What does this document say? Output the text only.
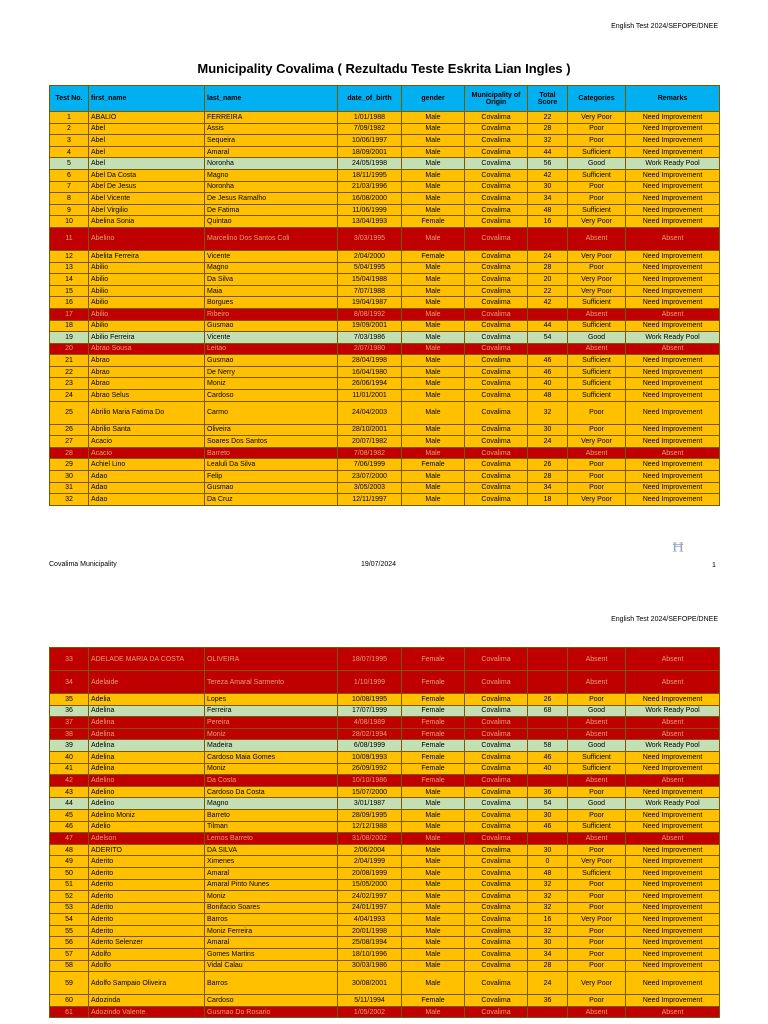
English Test 2024/SEFOPE/DNEE
Municipality Covalima ( Rezultadu Teste Eskrita Lian Ingles )
Test No.	first_name	last_name	date_of_birth	gender	Municipality of Origin	Total Score	Categories	Remarks
1	ABALIO	FERREIRA	1/01/1988	Male	Covalima	22	Very Poor	Need Improvement
2	Abel	Assis	7/09/1982	Male	Covalima	28	Poor	Need Improvement
3	Abel	Sequeira	10/06/1997	Male	Covalima	32	Poor	Need Improvement
4	Abel	Amaral	18/09/2001	Male	Covalima	44	Sufficient	Need Improvement
5	Abel	Noronha	24/05/1998	Male	Covalima	56	Good	Work Ready Pool
6	Abel Da Costa	Magno	18/11/1995	Male	Covalima	42	Sufficient	Need Improvement
7	Abel De Jesus	Noronha	21/03/1996	Male	Covalima	30	Poor	Need Improvement
8	Abel Vicente	De Jesus Ramalho	16/08/2000	Male	Covalima	34	Poor	Need Improvement
9	Abel Virgilio	De Fatima	11/06/1999	Male	Covalima	48	Sufficient	Need Improvement
10	Abelina Sonia	Quintao	13/04/1993	Female	Covalima	16	Very Poor	Need Improvement
11	Abelino	Marcelino Dos Santos Coli	3/03/1995	Male	Covalima		Absent	Absent
12	Abelita Ferreira	Vicente	2/04/2000	Female	Covalima	24	Very Poor	Need Improvement
13	Abilio	Magno	5/04/1995	Male	Covalima	28	Poor	Need Improvement
14	Abilio	Da Silva	15/04/1988	Male	Covalima	20	Very Poor	Need Improvement
15	Abilio	Maia	7/07/1988	Male	Covalima	22	Very Poor	Need Improvement
16	Abilio	Borgues	19/04/1987	Male	Covalima	42	Sufficient	Need Improvement
17	Abilio	Ribeiro	8/08/1992	Male	Covalima		Absent	Absent
18	Abilio	Gusmao	19/09/2001	Male	Covalima	44	Sufficient	Need Improvement
19	Abilio Ferreira	Vicente	7/03/1986	Male	Covalima	54	Good	Work Ready Pool
20	Abrao Sousa	Leitao	2/07/1980	Male	Covalima		Absent	Absent
21	Abrao	Gusmao	28/04/1998	Male	Covalima	46	Sufficient	Need Improvement
22	Abrao	De Nerry	16/04/1980	Male	Covalima	46	Sufficient	Need Improvement
23	Abrao	Moniz	26/06/1994	Male	Covalima	40	Sufficient	Need Improvement
24	Abrao Selus	Cardoso	11/01/2001	Male	Covalima	48	Sufficient	Need Improvement
25	Abrilio Maria Fatima Do	Carmo	24/04/2003	Male	Covalima	32	Poor	Need Improvement
26	Abrilio Santa	Oliveira	28/10/2001	Male	Covalima	30	Poor	Need Improvement
27	Acacio	Soares Dos Santos	20/07/1982	Male	Covalima	24	Very Poor	Need Improvement
28	Acacio	Barreto	7/08/1982	Male	Covalima		Absent	Absent
29	Achiel Lino	Lealuli Da Silva	7/06/1999	Female	Covalima	26	Poor	Need Improvement
30	Adao	Felip	23/07/2000	Male	Covalima	28	Poor	Need Improvement
31	Adao	Gusmao	3/05/2003	Male	Covalima	34	Poor	Need Improvement
32	Adao	Da Cruz	12/11/1997	Male	Covalima	18	Very Poor	Need Improvement
Covalima Municipality	19/07/2024	ꟸ
1
English Test 2024/SEFOPE/DNEE
33	ADELADE MARIA DA COSTA	OLIVEIRA	18/07/1995	Female	Covalima		Absent	Absent
34	Adelaide	Tereza Amaral Sarmento	1/10/1999	Female	Covalima		Absent	Absent
35	Adelia	Lopes	10/08/1995	Female	Covalima	26	Poor	Need Improvement
36	Adelina	Ferreira	17/07/1999	Female	Covalima	68	Good	Work Ready Pool
37	Adelina	Pereira	4/08/1989	Female	Covalima		Absent	Absent
38	Adelina	Moniz	28/02/1994	Female	Covalima		Absent	Absent
39	Adelina	Madeira	6/08/1999	Female	Covalima	58	Good	Work Ready Pool
40	Adelina	Cardoso Maia Gomes	10/09/1993	Female	Covalima	46	Sufficient	Need Improvement
41	Adelina	Moniz	26/09/1992	Female	Covalima	40	Sufficient	Need Improvement
42	Adelino	Da Costa	10/10/1986	Female	Covalima		Absent	Absent
43	Adelino	Cardoso Da Costa	15/07/2000	Male	Covalima	36	Poor	Need Improvement
44	Adelino	Magno	3/01/1987	Male	Covalima	54	Good	Work Ready Pool
45	Adelino Moniz	Barreto	28/09/1995	Male	Covalima	30	Poor	Need Improvement
46	Adelio	Tilman	12/12/1988	Male	Covalima	46	Sufficient	Need Improvement
47	Adelson	Lemos Barreto	31/08/2002	Male	Covalima		Absent	Absent
48	ADERITO	DA SILVA	2/06/2004	Male	Covalima	30	Poor	Need Improvement
49	Aderito	Ximenes	2/04/1999	Male	Covalima	0	Very Poor	Need Improvement
50	Aderito	Amaral	20/08/1999	Male	Covalima	48	Sufficient	Need Improvement
51	Aderito	Amaral Pinto Nunes	15/05/2000	Male	Covalima	32	Poor	Need Improvement
52	Aderito	Moniz	24/02/1997	Male	Covalima	32	Poor	Need Improvement
53	Aderito	Bonifacio Soares	24/01/1997	Male	Covalima	32	Poor	Need Improvement
54	Aderito	Barros	4/04/1993	Male	Covalima	16	Very Poor	Need Improvement
55	Aderito	Moniz Ferreira	20/01/1998	Male	Covalima	32	Poor	Need Improvement
56	Aderito Selenzer	Amaral	25/08/1994	Male	Covalima	30	Poor	Need Improvement
57	Adolfo	Gomes Martins	18/10/1996	Male	Covalima	34	Poor	Need Improvement
58	Adolfo	Vidal Calau	30/03/1986	Male	Covalima	28	Poor	Need Improvement
59	Adolfo Sampaio Oliveira	Barros	30/08/2001	Male	Covalima	24	Very Poor	Need Improvement
60	Adozinda	Cardoso	5/11/1994	Female	Covalima	36	Poor	Need Improvement
61	Adozindo Valente	Gusmao Do Rosario	1/05/2002	Male	Covalima		Absent	Absent
